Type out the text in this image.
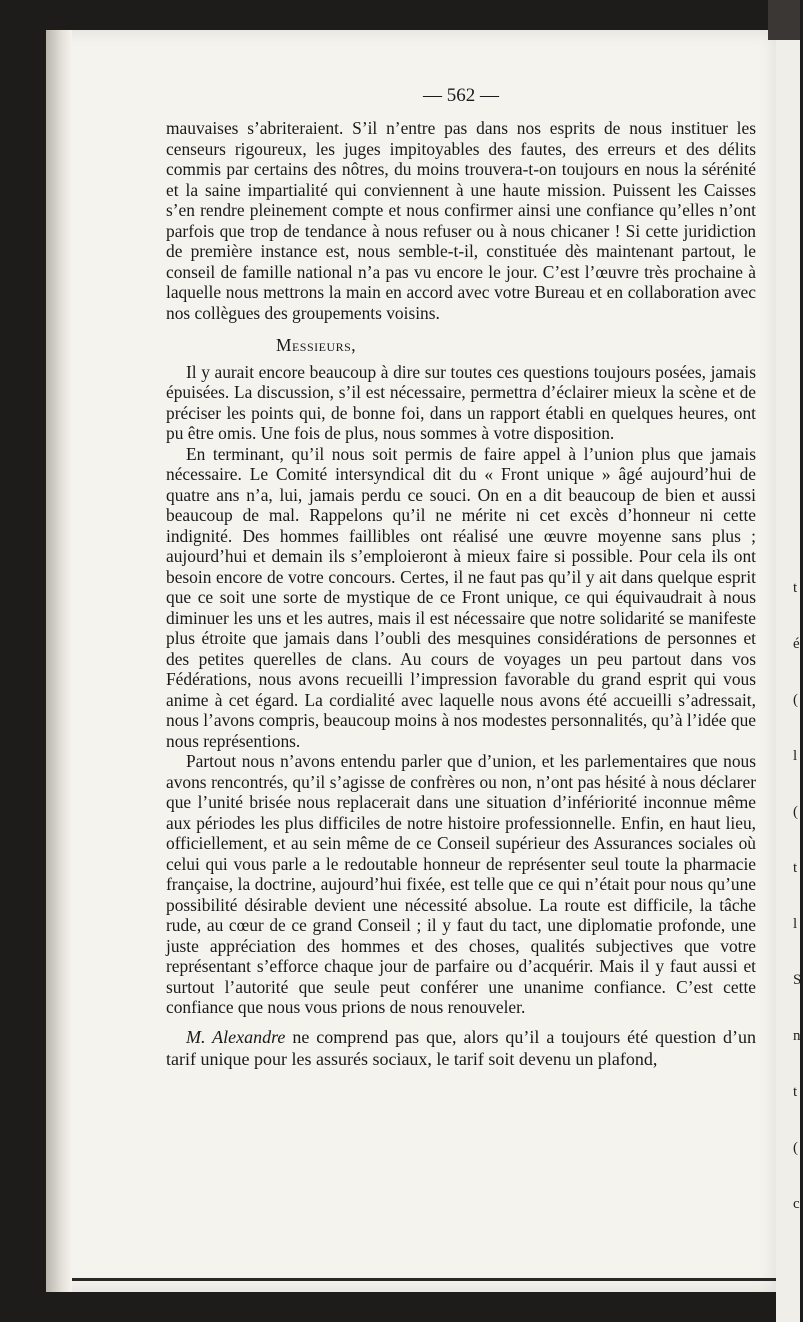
t
é
(
l
(
t
l
S
n
t
(
c
— 562 —

mauvaises s’abriteraient. S’il n’entre pas dans nos esprits de nous instituer les censeurs rigoureux, les juges impitoyables des fautes, des erreurs et des délits commis par certains des nôtres, du moins trouvera-t-on toujours en nous la sérénité et la saine impartialité qui conviennent à une haute mission. Puissent les Caisses s’en rendre pleinement compte et nous confirmer ainsi une confiance qu’elles n’ont parfois que trop de tendance à nous refuser ou à nous chicaner ! Si cette juridiction de première instance est, nous semble-t-il, constituée dès maintenant partout, le conseil de famille national n’a pas vu encore le jour. C’est l’œuvre très prochaine à laquelle nous mettrons la main en accord avec votre Bureau et en collaboration avec nos collègues des groupements voisins.

Messieurs,

Il y aurait encore beaucoup à dire sur toutes ces questions toujours posées, jamais épuisées. La discussion, s’il est nécessaire, permettra d’éclairer mieux la scène et de préciser les points qui, de bonne foi, dans un rapport établi en quelques heures, ont pu être omis. Une fois de plus, nous sommes à votre disposition.

En terminant, qu’il nous soit permis de faire appel à l’union plus que jamais nécessaire. Le Comité intersyndical dit du « Front unique » âgé aujourd’hui de quatre ans n’a, lui, jamais perdu ce souci. On en a dit beaucoup de bien et aussi beaucoup de mal. Rappelons qu’il ne mérite ni cet excès d’honneur ni cette indignité. Des hommes faillibles ont réalisé une œuvre moyenne sans plus ; aujourd’hui et demain ils s’emploieront à mieux faire si possible. Pour cela ils ont besoin encore de votre concours. Certes, il ne faut pas qu’il y ait dans quelque esprit que ce soit une sorte de mystique de ce Front unique, ce qui équivaudrait à nous diminuer les uns et les autres, mais il est nécessaire que notre solidarité se manifeste plus étroite que jamais dans l’oubli des mesquines considérations de personnes et des petites querelles de clans. Au cours de voyages un peu partout dans vos Fédérations, nous avons recueilli l’impression favorable du grand esprit qui vous anime à cet égard. La cordialité avec laquelle nous avons été accueilli s’adressait, nous l’avons compris, beaucoup moins à nos modestes personnalités, qu’à l’idée que nous représentions.

Partout nous n’avons entendu parler que d’union, et les parlementaires que nous avons rencontrés, qu’il s’agisse de confrères ou non, n’ont pas hésité à nous déclarer que l’unité brisée nous replacerait dans une situation d’infériorité inconnue même aux périodes les plus difficiles de notre histoire professionnelle. Enfin, en haut lieu, officiellement, et au sein même de ce Conseil supérieur des Assurances sociales où celui qui vous parle a le redoutable honneur de représenter seul toute la pharmacie française, la doctrine, aujourd’hui fixée, est telle que ce qui n’était pour nous qu’une possibilité désirable devient une nécessité absolue. La route est difficile, la tâche rude, au cœur de ce grand Conseil ; il y faut du tact, une diplomatie profonde, une juste appréciation des hommes et des choses, qualités subjectives que votre représentant s’efforce chaque jour de parfaire ou d’acquérir. Mais il y faut aussi et surtout l’autorité que seule peut conférer une unanime confiance. C’est cette confiance que nous vous prions de nous renouveler.

M. Alexandre ne comprend pas que, alors qu’il a toujours été question d’un tarif unique pour les assurés sociaux, le tarif soit devenu un plafond,
